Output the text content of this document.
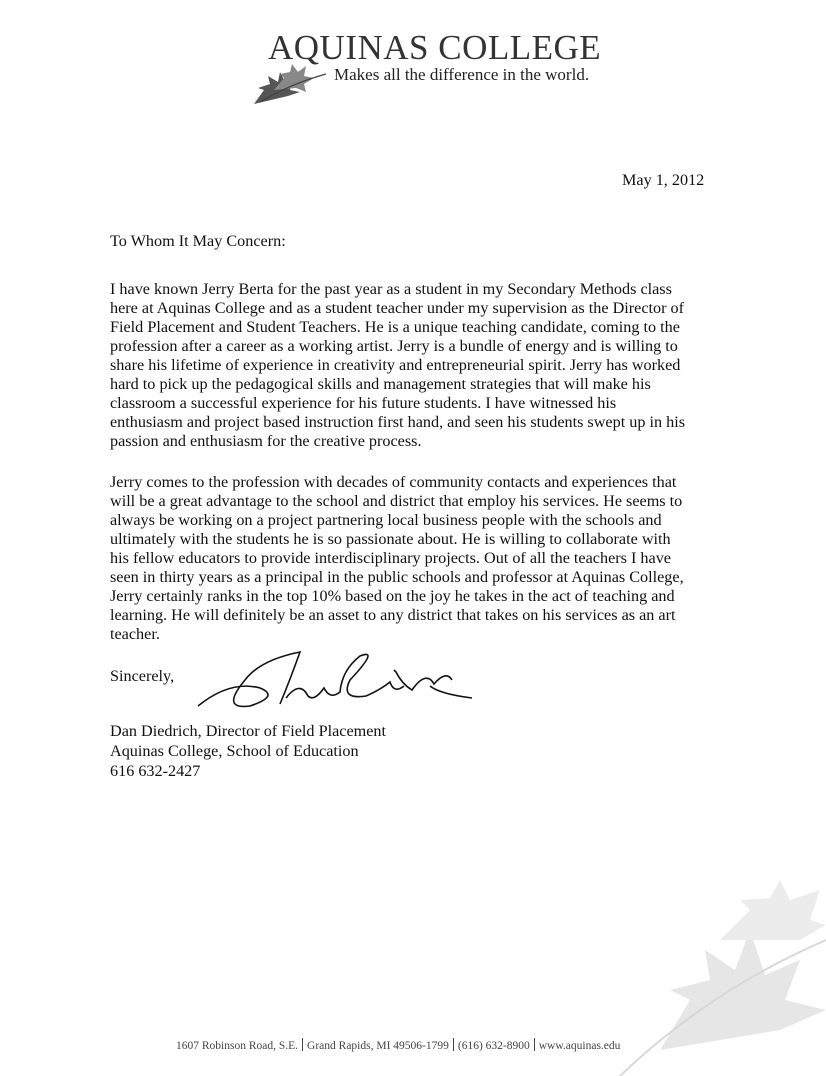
AQUINAS COLLEGE
Makes all the difference in the world.
May 1, 2012
To Whom It May Concern:
I have known Jerry Berta for the past year as a student in my Secondary Methods class
here at Aquinas College and as a student teacher under my supervision as the Director of
Field Placement and Student Teachers. He is a unique teaching candidate, coming to the
profession after a career as a working artist. Jerry is a bundle of energy and is willing to
share his lifetime of experience in creativity and entrepreneurial spirit. Jerry has worked
hard to pick up the pedagogical skills and management strategies that will make his
classroom a successful experience for his future students. I have witnessed his
enthusiasm and project based instruction first hand, and seen his students swept up in his
passion and enthusiasm for the creative process.
Jerry comes to the profession with decades of community contacts and experiences that
will be a great advantage to the school and district that employ his services. He seems to
always be working on a project partnering local business people with the schools and
ultimately with the students he is so passionate about. He is willing to collaborate with
his fellow educators to provide interdisciplinary projects. Out of all the teachers I have
seen in thirty years as a principal in the public schools and professor at Aquinas College,
Jerry certainly ranks in the top 10% based on the joy he takes in the act of teaching and
learning. He will definitely be an asset to any district that takes on his services as an art
teacher.
Sincerely,
Dan Diedrich, Director of Field Placement
Aquinas College, School of Education
616 632-2427
1607 Robinson Road, S.E. Grand Rapids, MI 49506-1799 (616) 632-8900 www.aquinas.edu
